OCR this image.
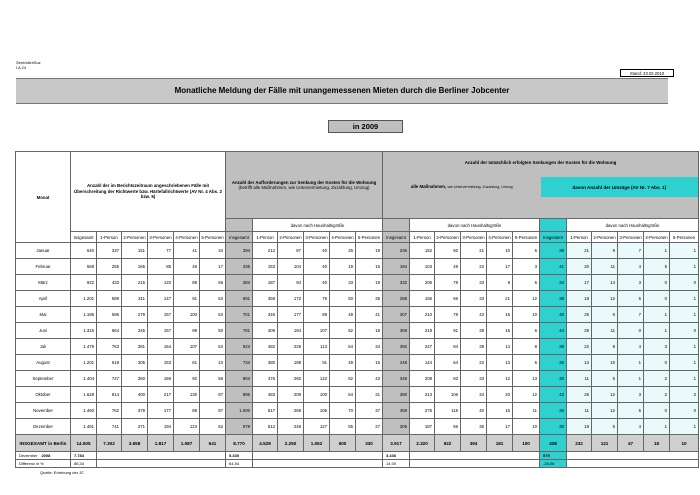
SenIntArbSoz
I A 24
Stand: 23.02.2010
Monatliche Meldung der Fälle mit unangemessenen Mieten durch die Berliner Jobcenter
in 2009
Monat	Anzahl der im Berichtszeitraum angeschriebenen Fälle mit Überschreitung der Richtwerte bzw. Härtefallrichtwerte (AV Nr. 4 Abs. 2 bzw. 5)	
Anzahl der Aufforderungen zur Senkung der Kosten für die Wohnung
(betrifft alle Maßnahmen, wie Untervermietung, Zuzahlung, Umzug)
	Anzahl der tatsächlich erfolgten Senkungen der Kosten für die Wohnung
alle Maßnahmen, wie Untervermietung, Zuzahlung, Umzug	davon Anzahl der Umzüge (AV Nr. 7 Abs. 1)

	davon nach Haushaltsgröße		davon nach Haushaltsgröße		davon nach Haushaltsgröße
Insgesamt	1-Person	2-Personen	3-Personen	4-Personen	5-Personen	Insgesamt	1-Person	2-Personen	3-Personen	4-Personen	5-Personen	Insgesamt	1-Person	2-Personen	3-Personen	4-Personen	5-Personen	Insgesamt	1-Person	2-Personen	3-Personen	4-Personen	5-Personen
Januar	640	337	151	77	41	34	394	212	87	40	26	19	236	152	50	21	10	5	39	21	9	7	1	1
Februar	568	255	165	85	46	17	335	153	104	40	19	15	194	103	49	22	17	3	41	20	11	4	5	1
März	922	433	215	120	88	66	383	187	94	40	33	19	332	206	79	33	9	5	34	17	14	3	0	0
April	1.201	589	311	147	91	63	691	358	172	76	50	35	288	156	66	33	21	12	38	18	12	5	0	1
Mai	1.196	596	278	157	100	63	701	346	177	89	48	41	307	210	79	43	15	10	40	25	6	7	1	1
Juni	1.315	664	345	157	99	50	781	409	194	107	52	18	369	219	91	38	15	6	44	29	11	0	1	0
Juli	1.479	763	381	164	107	63	923	482	229	113	64	34	392	247	84	39	14	8	39	22	8	4	3	1
August	1.201	619	305	153	81	43	733	380	198	91	49	15	248	144	64	22	13	5	25	13	10	1	0	1
September	1.404	727	360	169	92	56	863	476	260	122	62	43	349	209	83	33	12	13	20	11	5	1	2	1
Oktober	1.628	814	400	217	130	67	896	483	209	100	64	31	380	213	106	34	20	12	42	26	12	3	2	2
November	1.460	762	378	177	88	57	1.000	517	268	106	70	37	459	275	115	40	16	11	26	11	12	5	0	0
Dezember	1.491	741	371	194	123	62	979	512	248	127	65	27	306	187	56	36	17	10	30	19	5	4	1	1
INSGESAMT in Berlin	14.505	7.302	3.658	1.817	1.087	641	8.770	4.528	2.250	1.062	600	330	3.917	2.320	922	394	181	100	428	232	121	47	18	10
Dezember 2008	7.784		5.330		3.436		579	
Differenz in %	86,34		64,54		14,00		-26,08	
Quelle: Erhebung der JC
